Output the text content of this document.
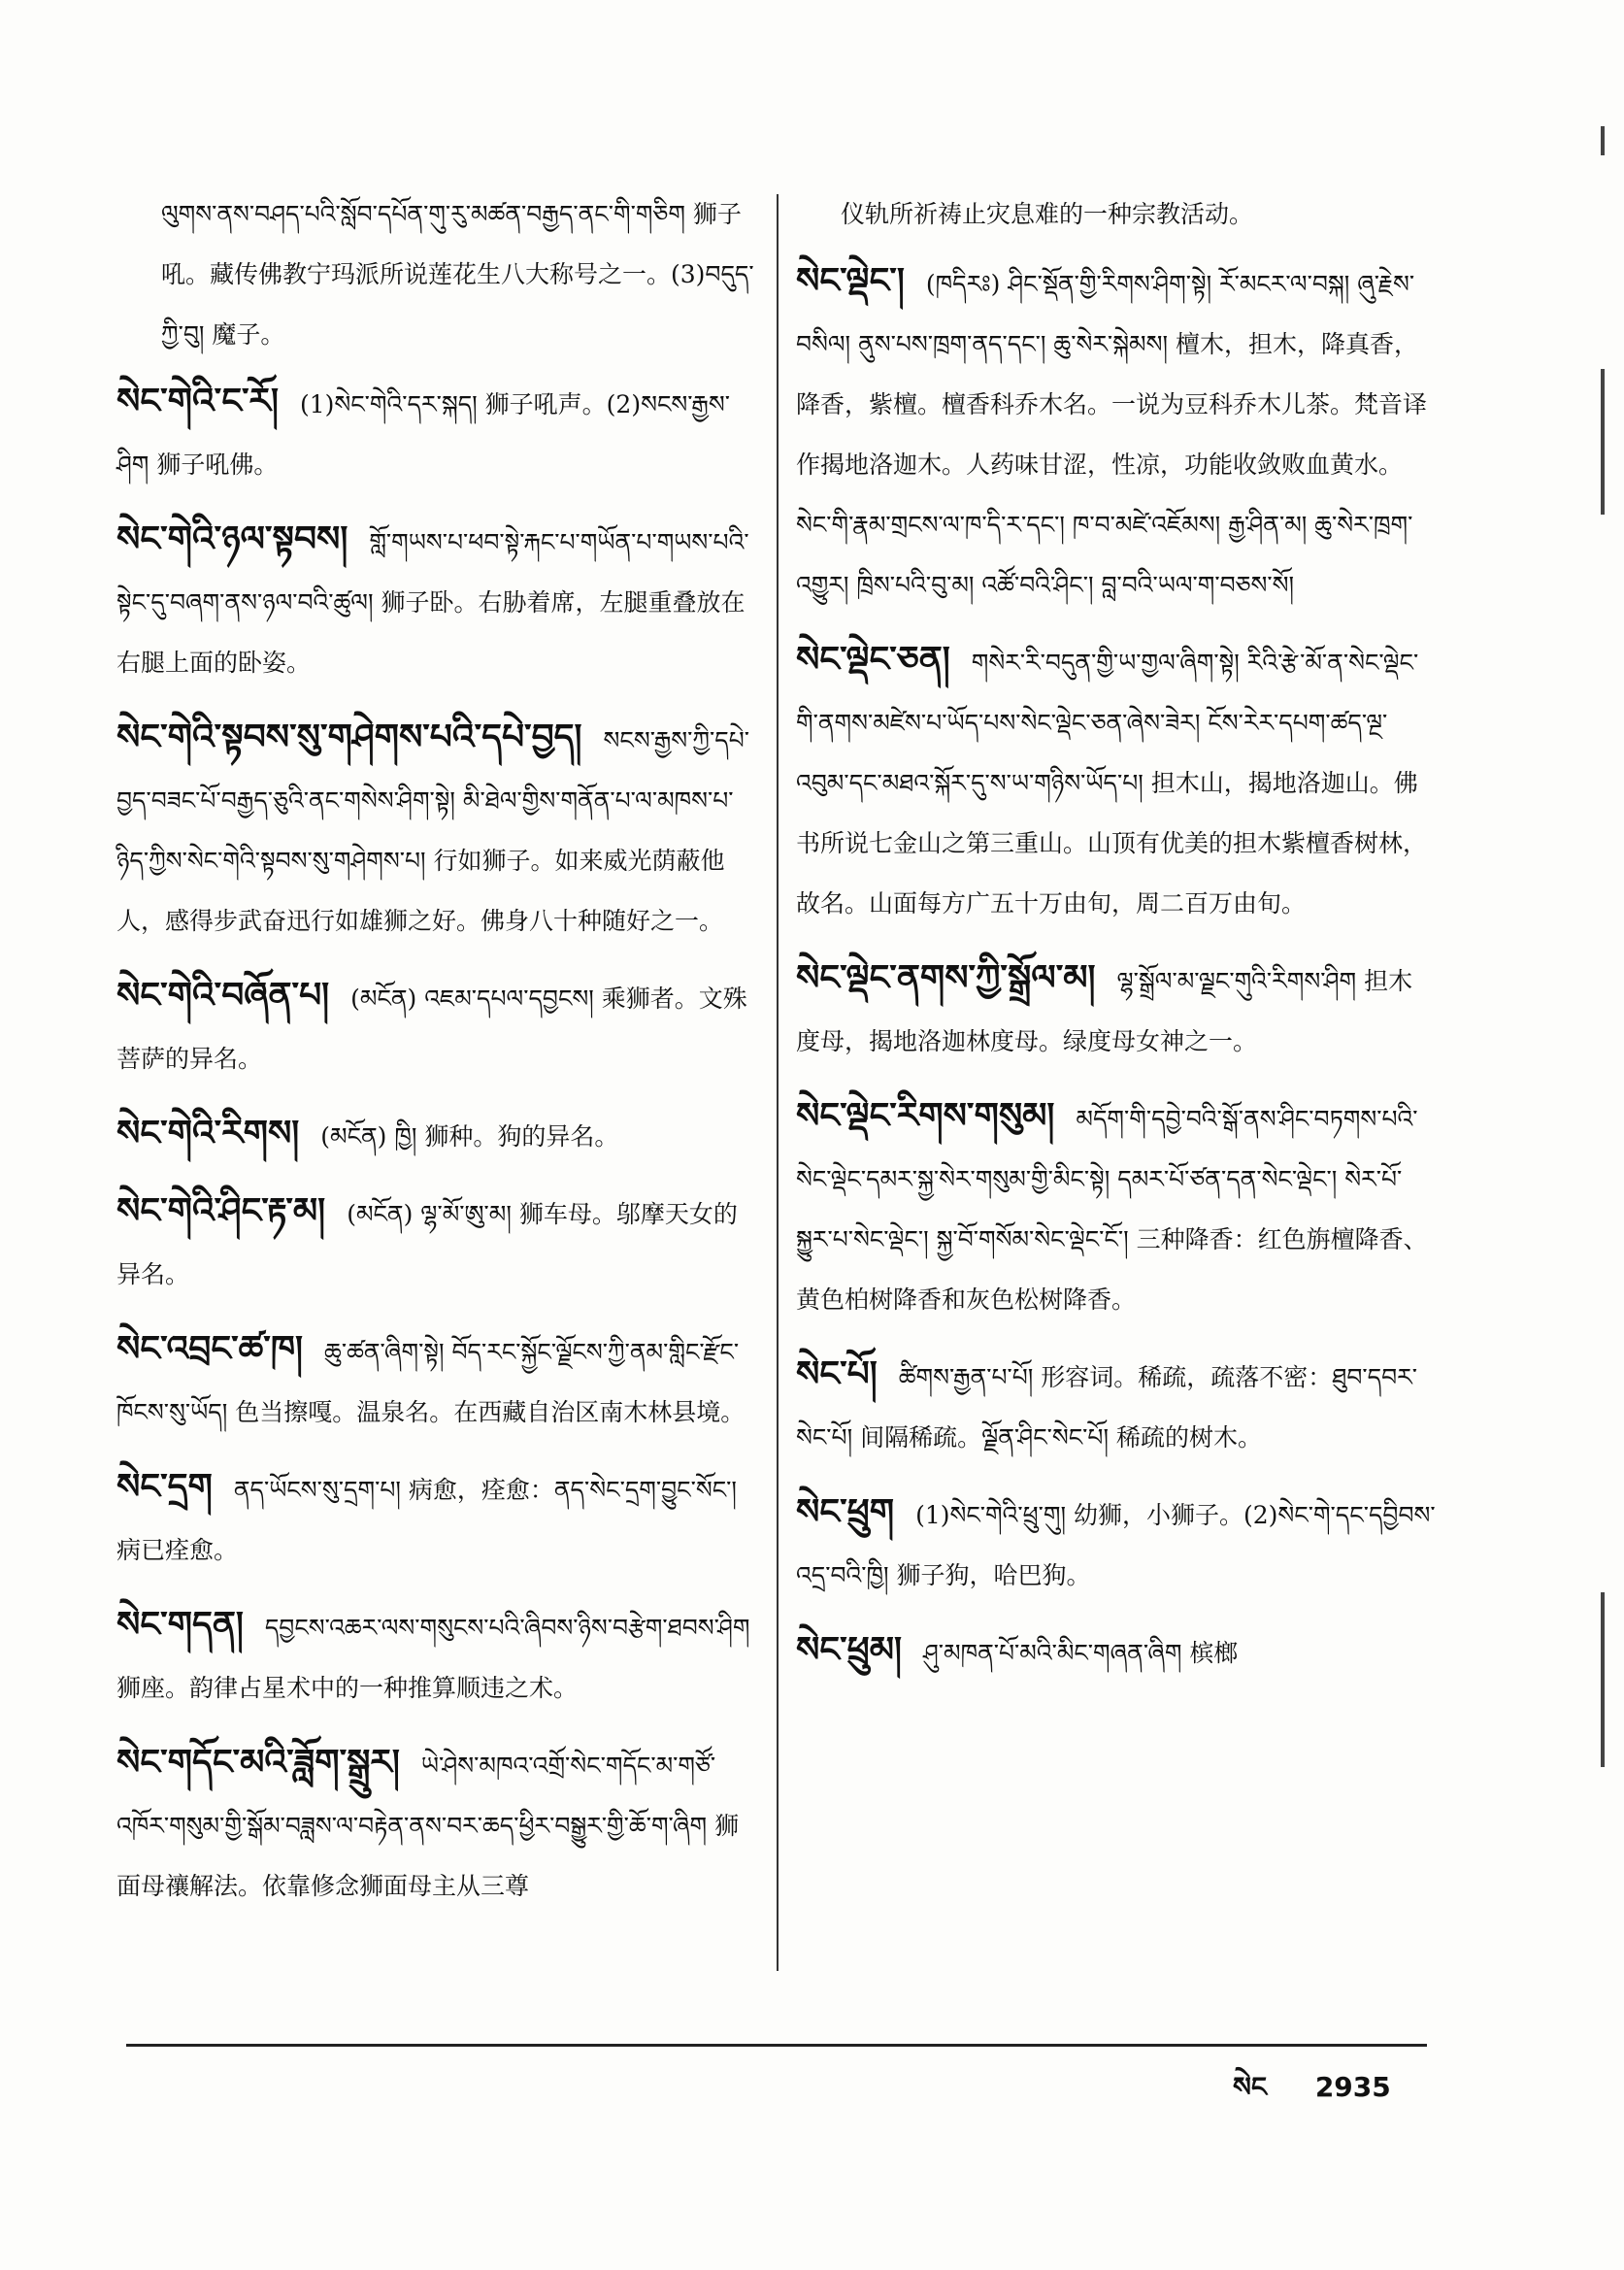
ལུགས་ནས་བཤད་པའི་སློབ་དཔོན་གུ་རུ་མཚན་བརྒྱད་ནང་གི་གཅིག 狮子吼。藏传佛教宁玛派所说莲花生八大称号之一。(3)བདུད་ཀྱི་བུ། 魔子。
སེང་གེའི་ང་རོ། (1)སེང་གེའི་དར་སྐད། 狮子吼声。(2)སངས་རྒྱས་ཤིག 狮子吼佛。
སེང་གེའི་ཉལ་སྟབས། གློ་གཡས་པ་ཕབ་སྟེ་རྐང་པ་གཡོན་པ་གཡས་པའི་སྟེང་དུ་བཞག་ནས་ཉལ་བའི་ཚུལ། 狮子卧。右胁着席，左腿重叠放在右腿上面的卧姿。
སེང་གེའི་སྟབས་སུ་གཤེགས་པའི་དཔེ་བྱད། སངས་རྒྱས་ཀྱི་དཔེ་བྱད་བཟང་པོ་བརྒྱད་ཅུའི་ནང་གསེས་ཤིག་སྟེ། མི་ཐེལ་གྱིས་གནོན་པ་ལ་མཁས་པ་ཉིད་ཀྱིས་སེང་གེའི་སྟབས་སུ་གཤེགས་པ། 行如狮子。如来威光荫蔽他人，感得步武奋迅行如雄狮之好。佛身八十种随好之一。
སེང་གེའི་བཞོན་པ། (མངོན) འཇམ་དཔལ་དབྱངས། 乘狮者。文殊菩萨的异名。
སེང་གེའི་རིགས། (མངོན) ཁྱི། 狮种。狗的异名。
སེང་གེའི་ཤིང་རྟ་མ། (མངོན) ལྷ་མོ་ཨུ་མ། 狮车母。邬摩天女的异名。
སེང་འབྲང་ཚ་ཁ། ཆུ་ཚན་ཞིག་སྟེ། བོད་རང་སྐྱོང་ལྗོངས་ཀྱི་ནམ་གླིང་རྫོང་ཁོངས་སུ་ཡོད། 色当擦嘎。温泉名。在西藏自治区南木林县境。
སེང་དྲག ནད་ཡོངས་སུ་དྲག་པ། 病愈，痊愈：ནད་སེང་དྲག་བྱུང་སོང་། 病已痊愈。
སེང་གདན། དབྱངས་འཆར་ལས་གསུངས་པའི་ཞིབས་ཉིས་བརྩེག་ཐབས་ཤིག 狮座。韵律占星术中的一种推算顺违之术。
སེང་གདོང་མའི་ཟློག་སྒྲུར། ཡེ་ཤེས་མཁའ་འགྲོ་སེང་གདོང་མ་གཙོ་འཁོར་གསུམ་གྱི་སྒོམ་བཟླས་ལ་བརྟེན་ནས་བར་ཆད་ཕྱིར་བསྒྱུར་གྱི་ཆོ་ག་ཞིག 狮面母禳解法。依靠修念狮面母主从三尊
仪轨所祈祷止灾息难的一种宗教活动。
སེང་ལྡེང་། (ཁདིརཿ) ཤིང་སྡོན་གྱི་རིགས་ཤིག་སྟེ། རོ་མངར་ལ་བསྐ། ཞུ་རྗེས་བསིལ། ནུས་པས་ཁྲག་ནད་དང་། ཆུ་སེར་སྐེམས། 檀木，担木，降真香，降香，紫檀。檀香科乔木名。一说为豆科乔木儿茶。梵音译作揭地洛迦木。人药味甘涩，性凉，功能收敛败血黄水。སེང་གི་རྣམ་གྲངས་ལ་ཁ་དི་ར་དང་། ཁ་བ་མཛེ་འཇོམས། རྒྱ་ཤིན་མ། ཆུ་སེར་ཁྲག་འགྱུར། ཁྲིས་པའི་བུ་མ། འཚོ་བའི་ཤིང་། བླ་བའི་ཡལ་ག་བཅས་སོ།
སེང་ལྡེང་ཅན། གསེར་རི་བདུན་གྱི་ཡ་གྱལ་ཞིག་སྟེ། རིའི་རྩེ་མོ་ན་སེང་ལྡེང་གི་ནགས་མཛེས་པ་ཡོད་པས་སེང་ལྡེང་ཅན་ཞེས་ཟེར། ངོས་རེར་དཔག་ཚད་ལྔ་འབུམ་དང་མཐའ་སྐོར་དུ་ས་ཡ་གཉིས་ཡོད་པ། 担木山，揭地洛迦山。佛书所说七金山之第三重山。山顶有优美的担木紫檀香树林，故名。山面每方广五十万由旬，周二百万由旬。
སེང་ལྡེང་ནགས་ཀྱི་སྒྲོལ་མ། ལྷ་སྒྲོལ་མ་ལྗང་གུའི་རིགས་ཤིག 担木度母，揭地洛迦林度母。绿度母女神之一。
སེང་ལྡེང་རིགས་གསུམ། མདོག་གི་དབྱེ་བའི་སྒོ་ནས་ཤིང་བཏགས་པའི་སེང་ལྡེང་དམར་སྐྱ་སེར་གསུམ་གྱི་མིང་སྟེ། དམར་པོ་ཙན་དན་སེང་ལྡེང་། སེར་པོ་སྐྱུར་པ་སེང་ལྡེང་། སྐྱ་བོ་གསོམ་སེང་ལྡེང་ངོ་། 三种降香：红色旃檀降香、黄色柏树降香和灰色松树降香。
སེང་པོ། ཚིགས་རྒྱན་པ་པོ། 形容词。稀疏，疏落不密：ཐུབ་དབར་སེང་པོ། 间隔稀疏。ལྗོན་ཤིང་སེང་པོ། 稀疏的树木。
སེང་ཕྲུག (1)སེང་གེའི་ཕྲུ་གུ། 幼狮，小狮子。(2)སེང་གེ་དང་དབྱིབས་འདྲ་བའི་ཁྱི། 狮子狗，哈巴狗。
སེང་ཕྲུམ། ཤུ་མཁན་པོ་མའི་མིང་གཞན་ཞིག 槟榔
སེང 2935
